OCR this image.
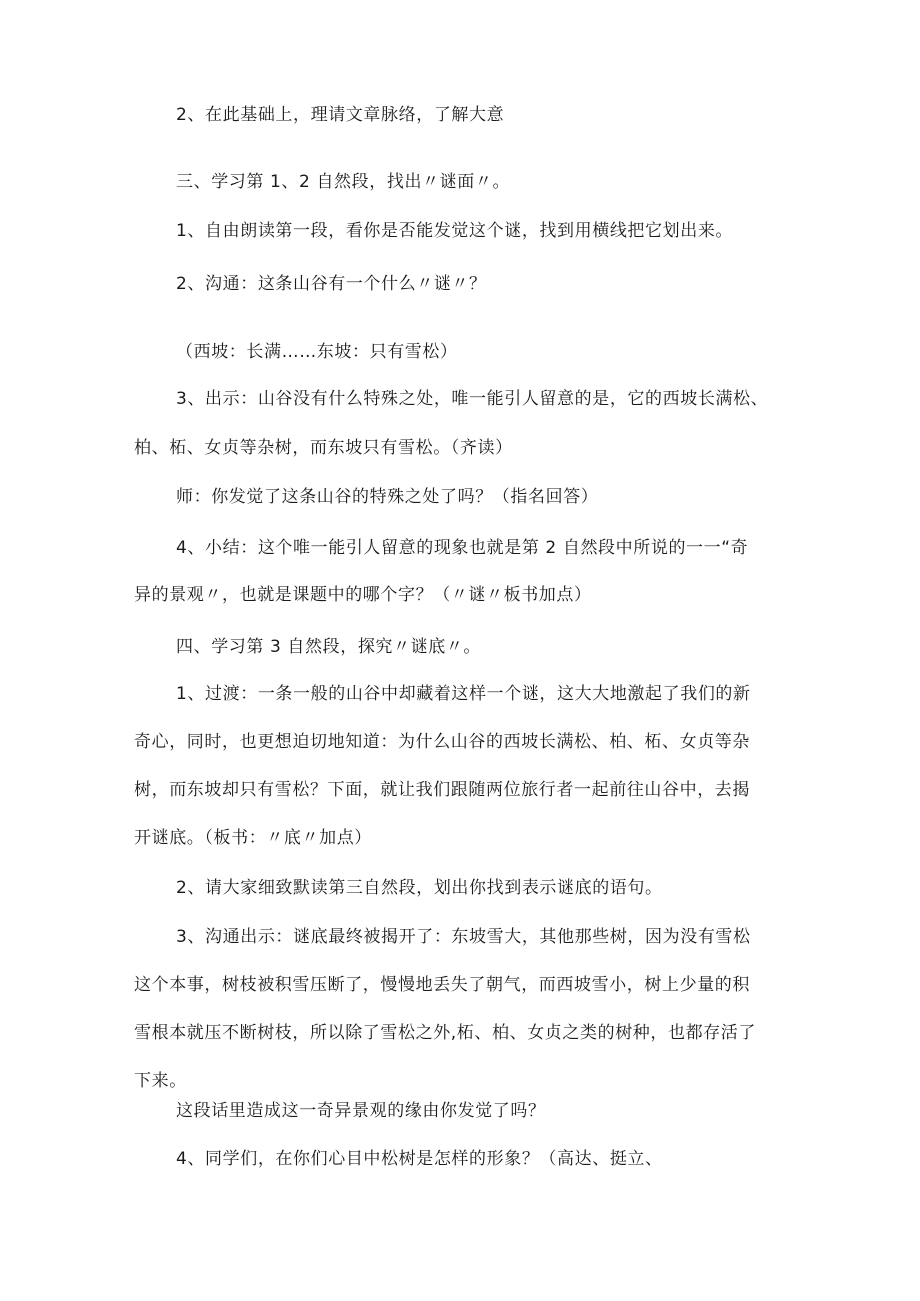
2、在此基础上，理请文章脉络，了解大意
三、学习第 1、2 自然段，找出〃谜面〃。
1、自由朗读第一段，看你是否能发觉这个谜，找到用横线把它划出来。
2、沟通：这条山谷有一个什么〃谜〃？
（西坡：长满……东坡：只有雪松）
3、出示：山谷没有什么特殊之处，唯一能引人留意的是，它的西坡长满松、
柏、柘、女贞等杂树，而东坡只有雪松。（齐读）
师：你发觉了这条山谷的特殊之处了吗？（指名回答）
4、小结：这个唯一能引人留意的现象也就是第 2 自然段中所说的一一“奇
异的景观〃，也就是课题中的哪个字？（〃谜〃板书加点）
四、学习第 3 自然段，探究〃谜底〃。
1、过渡：一条一般的山谷中却藏着这样一个谜，这大大地激起了我们的新
奇心，同时，也更想迫切地知道：为什么山谷的西坡长满松、柏、柘、女贞等杂
树，而东坡却只有雪松？下面，就让我们跟随两位旅行者一起前往山谷中，去揭
开谜底。（板书：〃底〃加点）
2、请大家细致默读第三自然段，划出你找到表示谜底的语句。
3、沟通出示：谜底最终被揭开了：东坡雪大，其他那些树，因为没有雪松
这个本事，树枝被积雪压断了，慢慢地丢失了朝气，而西坡雪小，树上少量的积
雪根本就压不断树枝，所以除了雪松之外,柘、柏、女贞之类的树种，也都存活了
下来。
这段话里造成这一奇异景观的缘由你发觉了吗？
4、同学们，在你们心目中松树是怎样的形象？（高达、挺立、
